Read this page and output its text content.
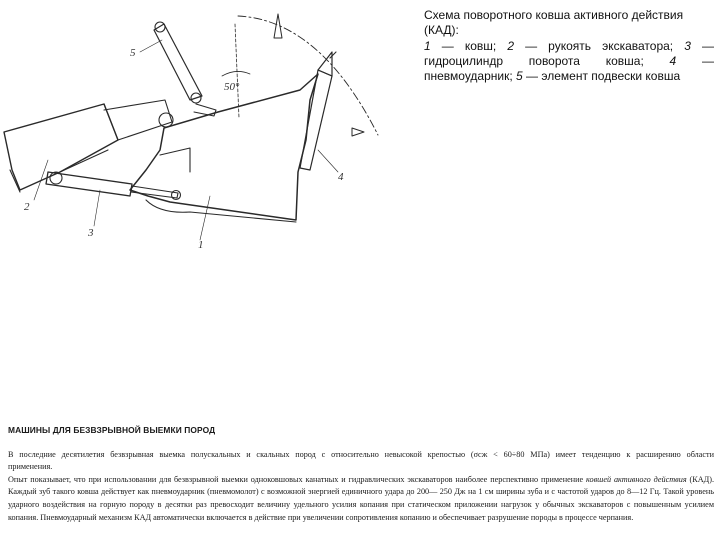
50°
5
2
3
1
4
Схема поворотного ковша активного действия (КАД):
1 — ковш; 2 — рукоять экскаватора; 3 — гидроцилиндр поворота ковша; 4 — пневмоударник; 5 — элемент подвески ковша
МАШИНЫ ДЛЯ БЕЗВЗРЫВНОЙ ВЫЕМКИ ПОРОД

В последние десятилетия безвзрывная выемка полускальных и скальных пород с относительно невысокой крепостью (σсж < 60÷80 МПа) имеет тенденцию к расширению области применения.

Опыт показывает, что при использовании для безвзрывной выемки одноковшовых канатных и гидравлических экскаваторов наиболее перспективно применение ковшей активного действия (КАД). Каждый зуб такого ковша действует как пневмоударник (пневмомолот) с возможной энергией единичного удара до 200— 250 Дж на 1 см ширины зуба и с частотой ударов до 8—12 Гц. Такой уровень ударного воздействия на горную породу в десятки раз превосходит величину удельного усилия копания при статическом приложении нагрузок у обычных экскаваторов с повышенным усилием копания. Пневмоударный механизм КАД автоматически включается в действие при увеличении сопротивления копанию и обеспечивает разрушение породы в процессе черпания.
